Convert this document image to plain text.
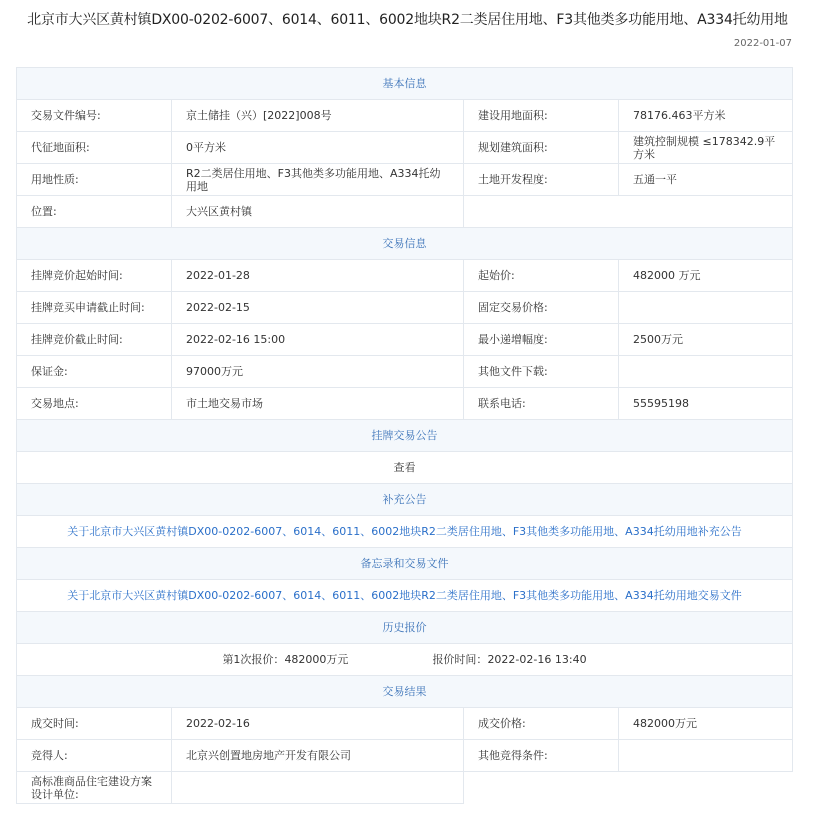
北京市大兴区黄村镇DX00-0202-6007、6014、6011、6002地块R2二类居住用地、F3其他类多功能用地、A334托幼用地
2022-01-07
基本信息			
交易文件编号:	京土储挂（兴）[2022]008号	建设用地面积:	78176.463平方米
代征地面积:	0平方米	规划建筑面积:	建筑控制规模 ≤178342.9平方米
用地性质:	R2二类居住用地、F3其他类多功能用地、A334托幼用地	土地开发程度:	五通一平
位置:	大兴区黄村镇		
交易信息			
挂牌竞价起始时间:	2022-01-28	起始价:	482000 万元
挂牌竞买申请截止时间:	2022-02-15	固定交易价格:	
挂牌竞价截止时间:	2022-02-16 15:00	最小递增幅度:	2500万元
保证金:	97000万元	其他文件下载:	
交易地点:	市土地交易市场	联系电话:	55595198
挂牌交易公告			
查看			
补充公告			
关于北京市大兴区黄村镇DX00-0202-6007、6014、6011、6002地块R2二类居住用地、F3其他类多功能用地、A334托幼用地补充公告			
备忘录和交易文件			
关于北京市大兴区黄村镇DX00-0202-6007、6014、6011、6002地块R2二类居住用地、F3其他类多功能用地、A334托幼用地交易文件			
历史报价			
第1次报价：482000万元 报价时间：2022-02-16 13:40			
交易结果			
成交时间:	2022-02-16	成交价格:	482000万元
竞得人:	北京兴创置地房地产开发有限公司	其他竞得条件:	
高标准商品住宅建设方案设计单位:			
